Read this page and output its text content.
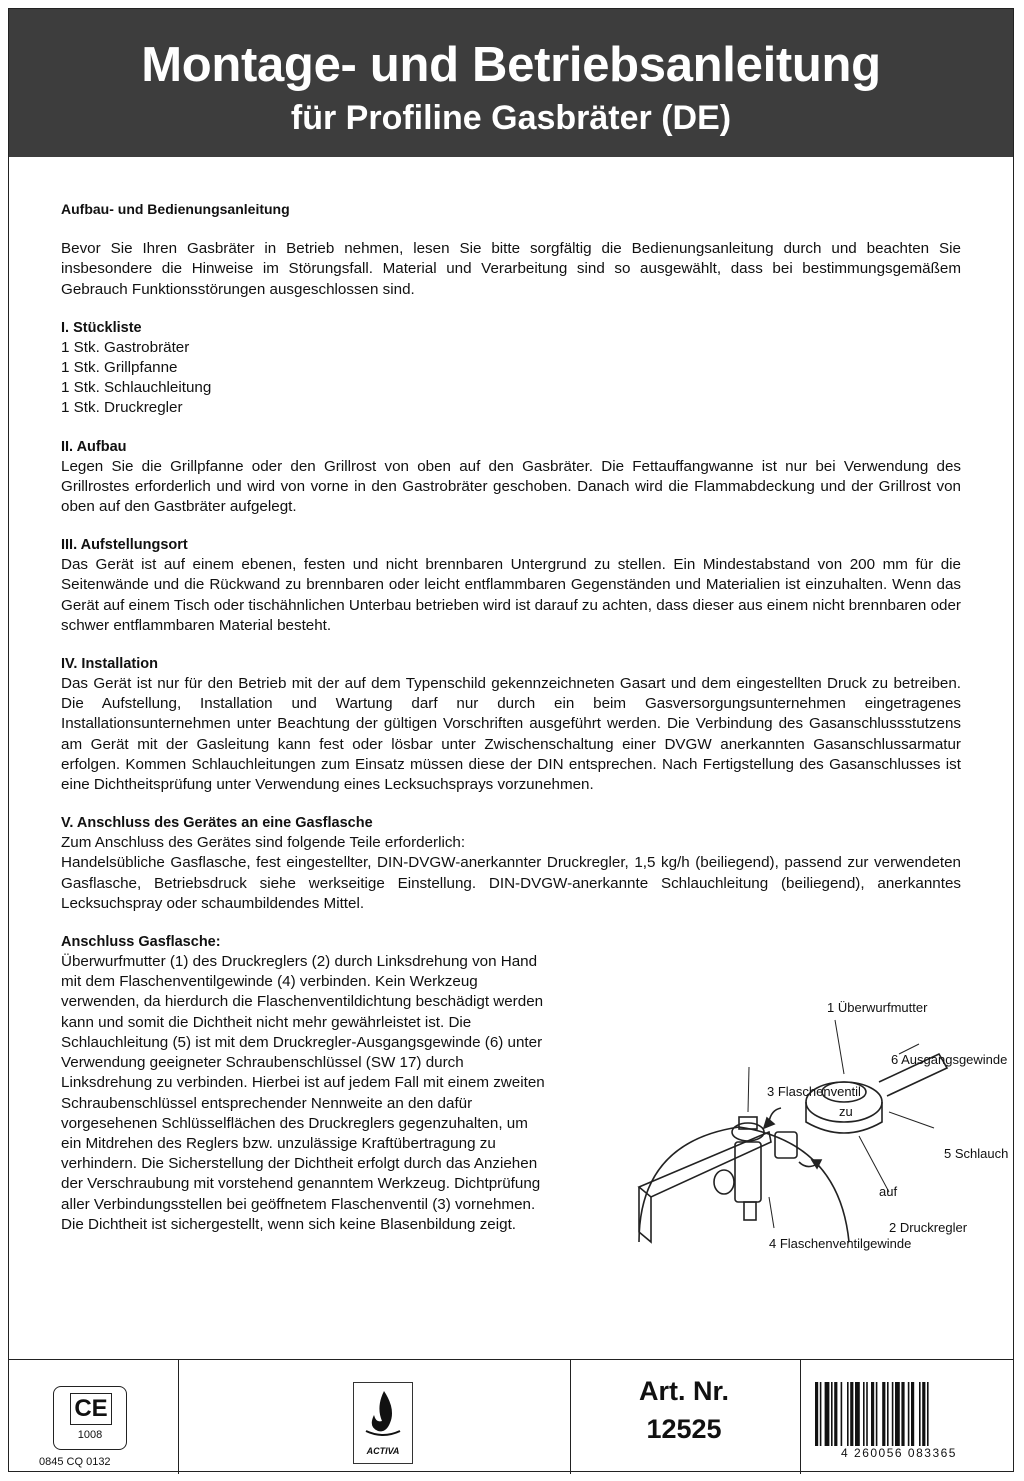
Montage- und Betriebsanleitung
für Profiline Gasbräter (DE)

Aufbau- und Bedienungsanleitung

Bevor Sie Ihren Gasbräter in Betrieb nehmen, lesen Sie bitte sorgfältig die Bedienungsanleitung durch und beachten Sie insbesondere die Hinweise im Störungsfall. Material und Verarbeitung sind so ausgewählt, dass bei bestimmungsgemäßem Gebrauch Funktionsstörungen ausgeschlossen sind.

I. Stückliste
1 Stk. Gastrobräter
1 Stk. Grillpfanne
1 Stk. Schlauchleitung
1 Stk. Druckregler
II. Aufbau

Legen Sie die Grillpfanne oder den Grillrost von oben auf den Gasbräter. Die Fettauffangwanne ist nur bei Verwendung des Grillrostes erforderlich und wird von vorne in den Gastrobräter geschoben. Danach wird die Flammabdeckung und der Grillrost von oben auf den Gastbräter aufgelegt.

III. Aufstellungsort

Das Gerät ist auf einem ebenen, festen und nicht brennbaren Untergrund zu stellen. Ein Mindestabstand von 200 mm für die Seitenwände und die Rückwand zu brennbaren oder leicht entflammbaren Gegenständen und Materialien ist einzuhalten. Wenn das Gerät auf einem Tisch oder tischähnlichen Unterbau betrieben wird ist darauf zu achten, dass dieser aus einem nicht brennbaren oder schwer entflammbaren Material besteht.

IV. Installation

Das Gerät ist nur für den Betrieb mit der auf dem Typenschild gekennzeichneten Gasart und dem eingestellten Druck zu betreiben. Die Aufstellung, Installation und Wartung darf nur durch ein beim Gasversorgungsunternehmen eingetragenes Installationsunternehmen unter Beachtung der gültigen Vorschriften ausgeführt werden. Die Verbindung des Gasanschlussstutzens am Gerät mit der Gasleitung kann fest oder lösbar unter Zwischenschaltung einer DVGW anerkannten Gasanschlussarmatur erfolgen. Kommen Schlauchleitungen zum Einsatz müssen diese der DIN entsprechen. Nach Fertigstellung des Gasanschlusses ist eine Dichtheitsprüfung unter Verwendung eines Lecksuchsprays vorzunehmen.

V. Anschluss des Gerätes an eine Gasflasche

Zum Anschluss des Gerätes sind folgende Teile erforderlich:

Handelsübliche Gasflasche, fest eingestellter, DIN-DVGW-anerkannter Druckregler, 1,5 kg/h (beiliegend), passend zur verwendeten Gasflasche, Betriebsdruck siehe werkseitige Einstellung. DIN-DVGW-anerkannte Schlauchleitung (beiliegend), anerkanntes Lecksuchspray oder schaumbildendes Mittel.

Anschluss Gasflasche:

Überwurfmutter (1) des Druckreglers (2) durch Linksdrehung von Hand mit dem Flaschenventilgewinde (4) verbinden. Kein Werkzeug verwenden, da hierdurch die Flaschenventildichtung beschädigt werden kann und somit die Dichtheit nicht mehr gewährleistet ist. Die Schlauchleitung (5) ist mit dem Druckregler-Ausgangsgewinde (6) unter Verwendung geeigneter Schraubenschlüssel (SW 17) durch Linksdrehung zu verbinden. Hierbei ist auf jedem Fall mit einem zweiten Schraubenschlüssel entsprechender Nennweite an den dafür vorgesehenen Schlüsselflächen des Druckreglers gegenzuhalten, um ein Mitdrehen des Reglers bzw. unzulässige Kraftübertragung zu verhindern. Die Sicherstellung der Dichtheit erfolgt durch das Anziehen der Verschraubung mit vorstehend genanntem Werkzeug. Dichtprüfung aller Verbindungsstellen bei geöffnetem Flaschenventil (3) vornehmen. Die Dichtheit ist sichergestellt, wenn sich keine Blasenbildung zeigt.

1 Überwurfmutter
6 Ausgangsgewinde
3 Flaschenventil
zu
5 Schlauch
auf
2 Druckregler
4 Flaschenventilgewinde
CE
1008
0845 CQ 0132
ACTIVA
Art. Nr.
12525
4 260056 083365
